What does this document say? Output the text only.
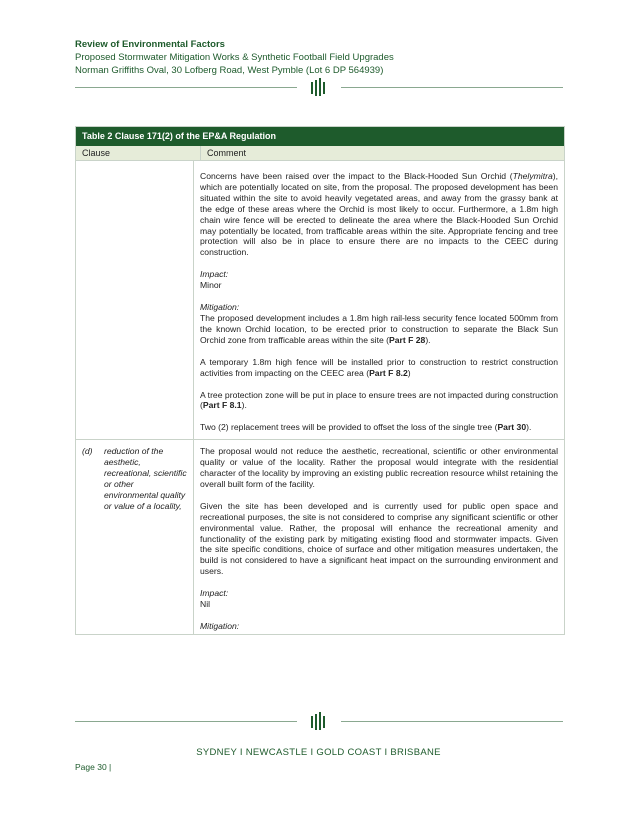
Review of Environmental Factors
Proposed Stormwater Mitigation Works & Synthetic Football Field Upgrades
Norman Griffiths Oval, 30 Lofberg Road, West Pymble (Lot 6 DP 564939)
Table 2 Clause 171(2) of the EP&A Regulation
Clause	Comment

Concerns have been raised over the impact to the Black-Hooded Sun Orchid (Thelymitra), which are potentially located on site, from the proposal. The proposed development has been situated within the site to avoid heavily vegetated areas, and away from the grassy bank at the edge of these areas where the Orchid is most likely to occur. Furthermore, a 1.8m high chain wire fence will be erected to delineate the area where the Black-Hooded Sun Orchid may potentially be located, from trafficable areas within the site. Appropriate fencing and tree protection will also be in place to ensure there are no impacts to the CEEC during construction.

Impact:

Minor

Mitigation:

The proposed development includes a 1.8m high rail-less security fence located 500mm from the known Orchid location, to be erected prior to construction to separate the Black Sun Orchid zone from trafficable areas within the site (Part F 28).

A temporary 1.8m high fence will be installed prior to construction to restrict construction activities from impacting on the CEEC area (Part F 8.2)

A tree protection zone will be put in place to ensure trees are not impacted during construction (Part F 8.1).

Two (2) replacement trees will be provided to offset the loss of the single tree (Part 30).

(d)	reduction of the aesthetic, recreational, scientific or other environmental quality or value of a locality,

The proposal would not reduce the aesthetic, recreational, scientific or other environmental quality or value of the locality. Rather the proposal would integrate with the residential character of the locality by improving an existing public recreation resource whilst retaining the overall built form of the facility.

Given the site has been developed and is currently used for public open space and recreational purposes, the site is not considered to comprise any significant scientific or other environmental value. Rather, the proposal will enhance the recreational amenity and functionality of the existing park by mitigating existing flood and stormwater impacts. Given the site specific conditions, choice of surface and other mitigation measures undertaken, the build is not considered to have a significant heat impact on the surrounding environment and users.

Impact:

Nil

Mitigation:

SYDNEY I NEWCASTLE I GOLD COAST I BRISBANE
Page 30 |
